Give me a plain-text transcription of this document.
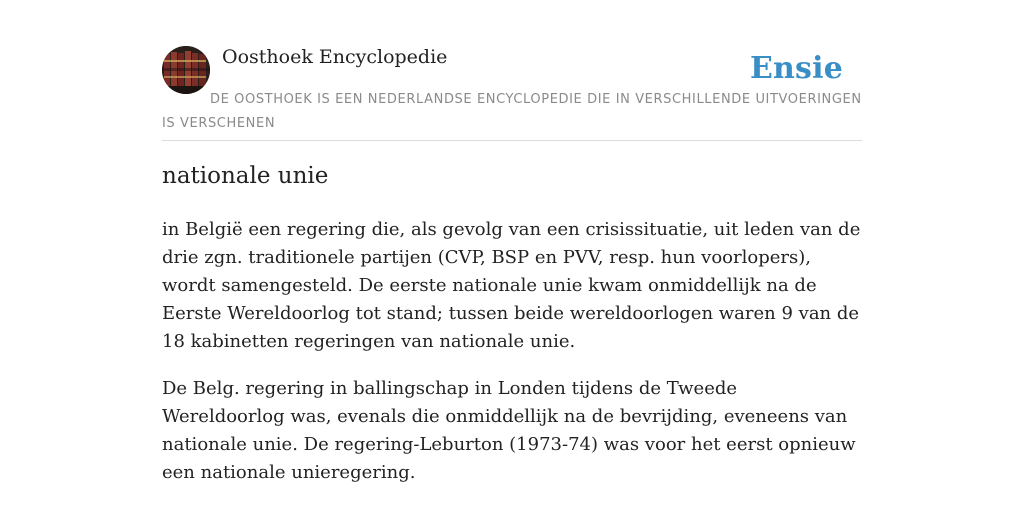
Oosthoek Encyclopedie	Ensie
DE OOSTHOEK IS EEN NEDERLANDSE ENCYCLOPEDIE DIE IN VERSCHILLENDE UITVOERINGEN IS VERSCHENEN
nationale unie

in België een regering die, als gevolg van een crisissituatie, uit leden van de drie zgn. traditionele partijen (CVP, BSP en PVV, resp. hun voorlopers), wordt samengesteld. De eerste nationale unie kwam onmiddellijk na de Eerste Wereldoorlog tot stand; tussen beide wereldoorlogen waren 9 van de 18 kabinetten regeringen van nationale unie.

De Belg. regering in ballingschap in Londen tijdens de Tweede Wereldoorlog was, evenals die onmiddellijk na de bevrijding, eveneens van nationale unie. De regering-Leburton (1973-74) was voor het eerst opnieuw een nationale unieregering.
